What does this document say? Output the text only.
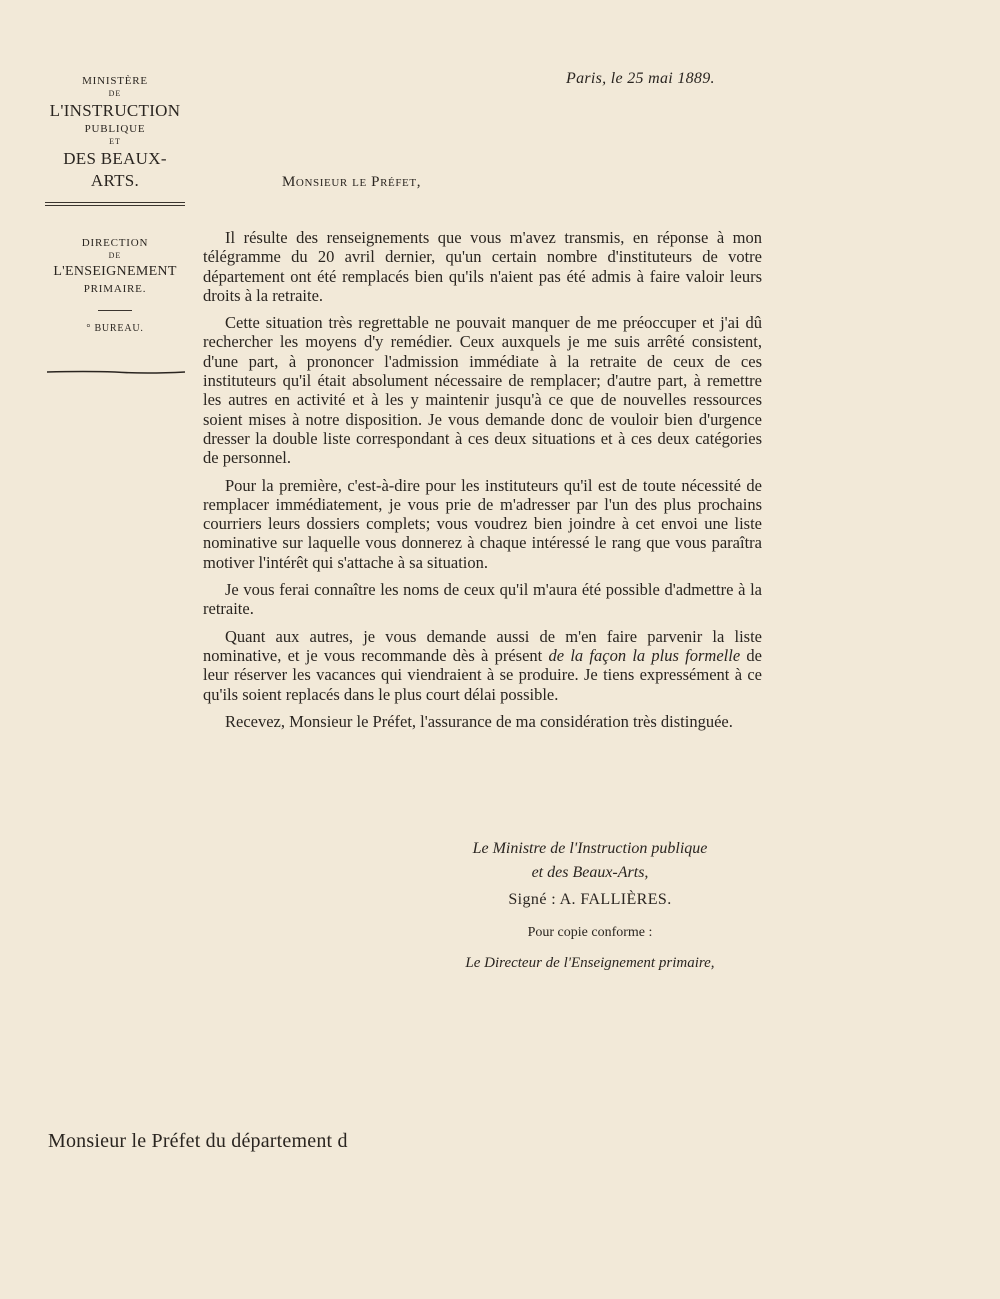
MINISTÈRE
DE
L'INSTRUCTION
PUBLIQUE
ET
DES BEAUX-ARTS.
DIRECTION
DE
L'ENSEIGNEMENT
PRIMAIRE.
° BUREAU.
Paris, le 25 mai 1889.
Monsieur le Préfet,

Il résulte des renseignements que vous m'avez transmis, en réponse à mon télégramme du 20 avril dernier, qu'un certain nombre d'instituteurs de votre département ont été remplacés bien qu'ils n'aient pas été admis à faire valoir leurs droits à la retraite.

Cette situation très regrettable ne pouvait manquer de me préoccuper et j'ai dû rechercher les moyens d'y remédier. Ceux auxquels je me suis arrêté consistent, d'une part, à prononcer l'admission immédiate à la retraite de ceux de ces instituteurs qu'il était absolument nécessaire de remplacer; d'autre part, à remettre les autres en activité et à les y maintenir jusqu'à ce que de nouvelles ressources soient mises à notre disposition. Je vous demande donc de vouloir bien d'urgence dresser la double liste correspondant à ces deux situations et à ces deux catégories de personnel.

Pour la première, c'est-à-dire pour les instituteurs qu'il est de toute nécessité de remplacer immédiatement, je vous prie de m'adresser par l'un des plus prochains courriers leurs dossiers complets; vous voudrez bien joindre à cet envoi une liste nominative sur laquelle vous donnerez à chaque intéressé le rang que vous paraîtra motiver l'intérêt qui s'attache à sa situation.

Je vous ferai connaître les noms de ceux qu'il m'aura été possible d'admettre à la retraite.

Quant aux autres, je vous demande aussi de m'en faire parvenir la liste nominative, et je vous recommande dès à présent de la façon la plus formelle de leur réserver les vacances qui viendraient à se produire. Je tiens expressément à ce qu'ils soient replacés dans le plus court délai possible.

Recevez, Monsieur le Préfet, l'assurance de ma considération très distinguée.

Le Ministre de l'Instruction publique
et des Beaux-Arts,
Signé : A. FALLIÈRES.
Pour copie conforme :
Le Directeur de l'Enseignement primaire,
Monsieur le Préfet du département d
